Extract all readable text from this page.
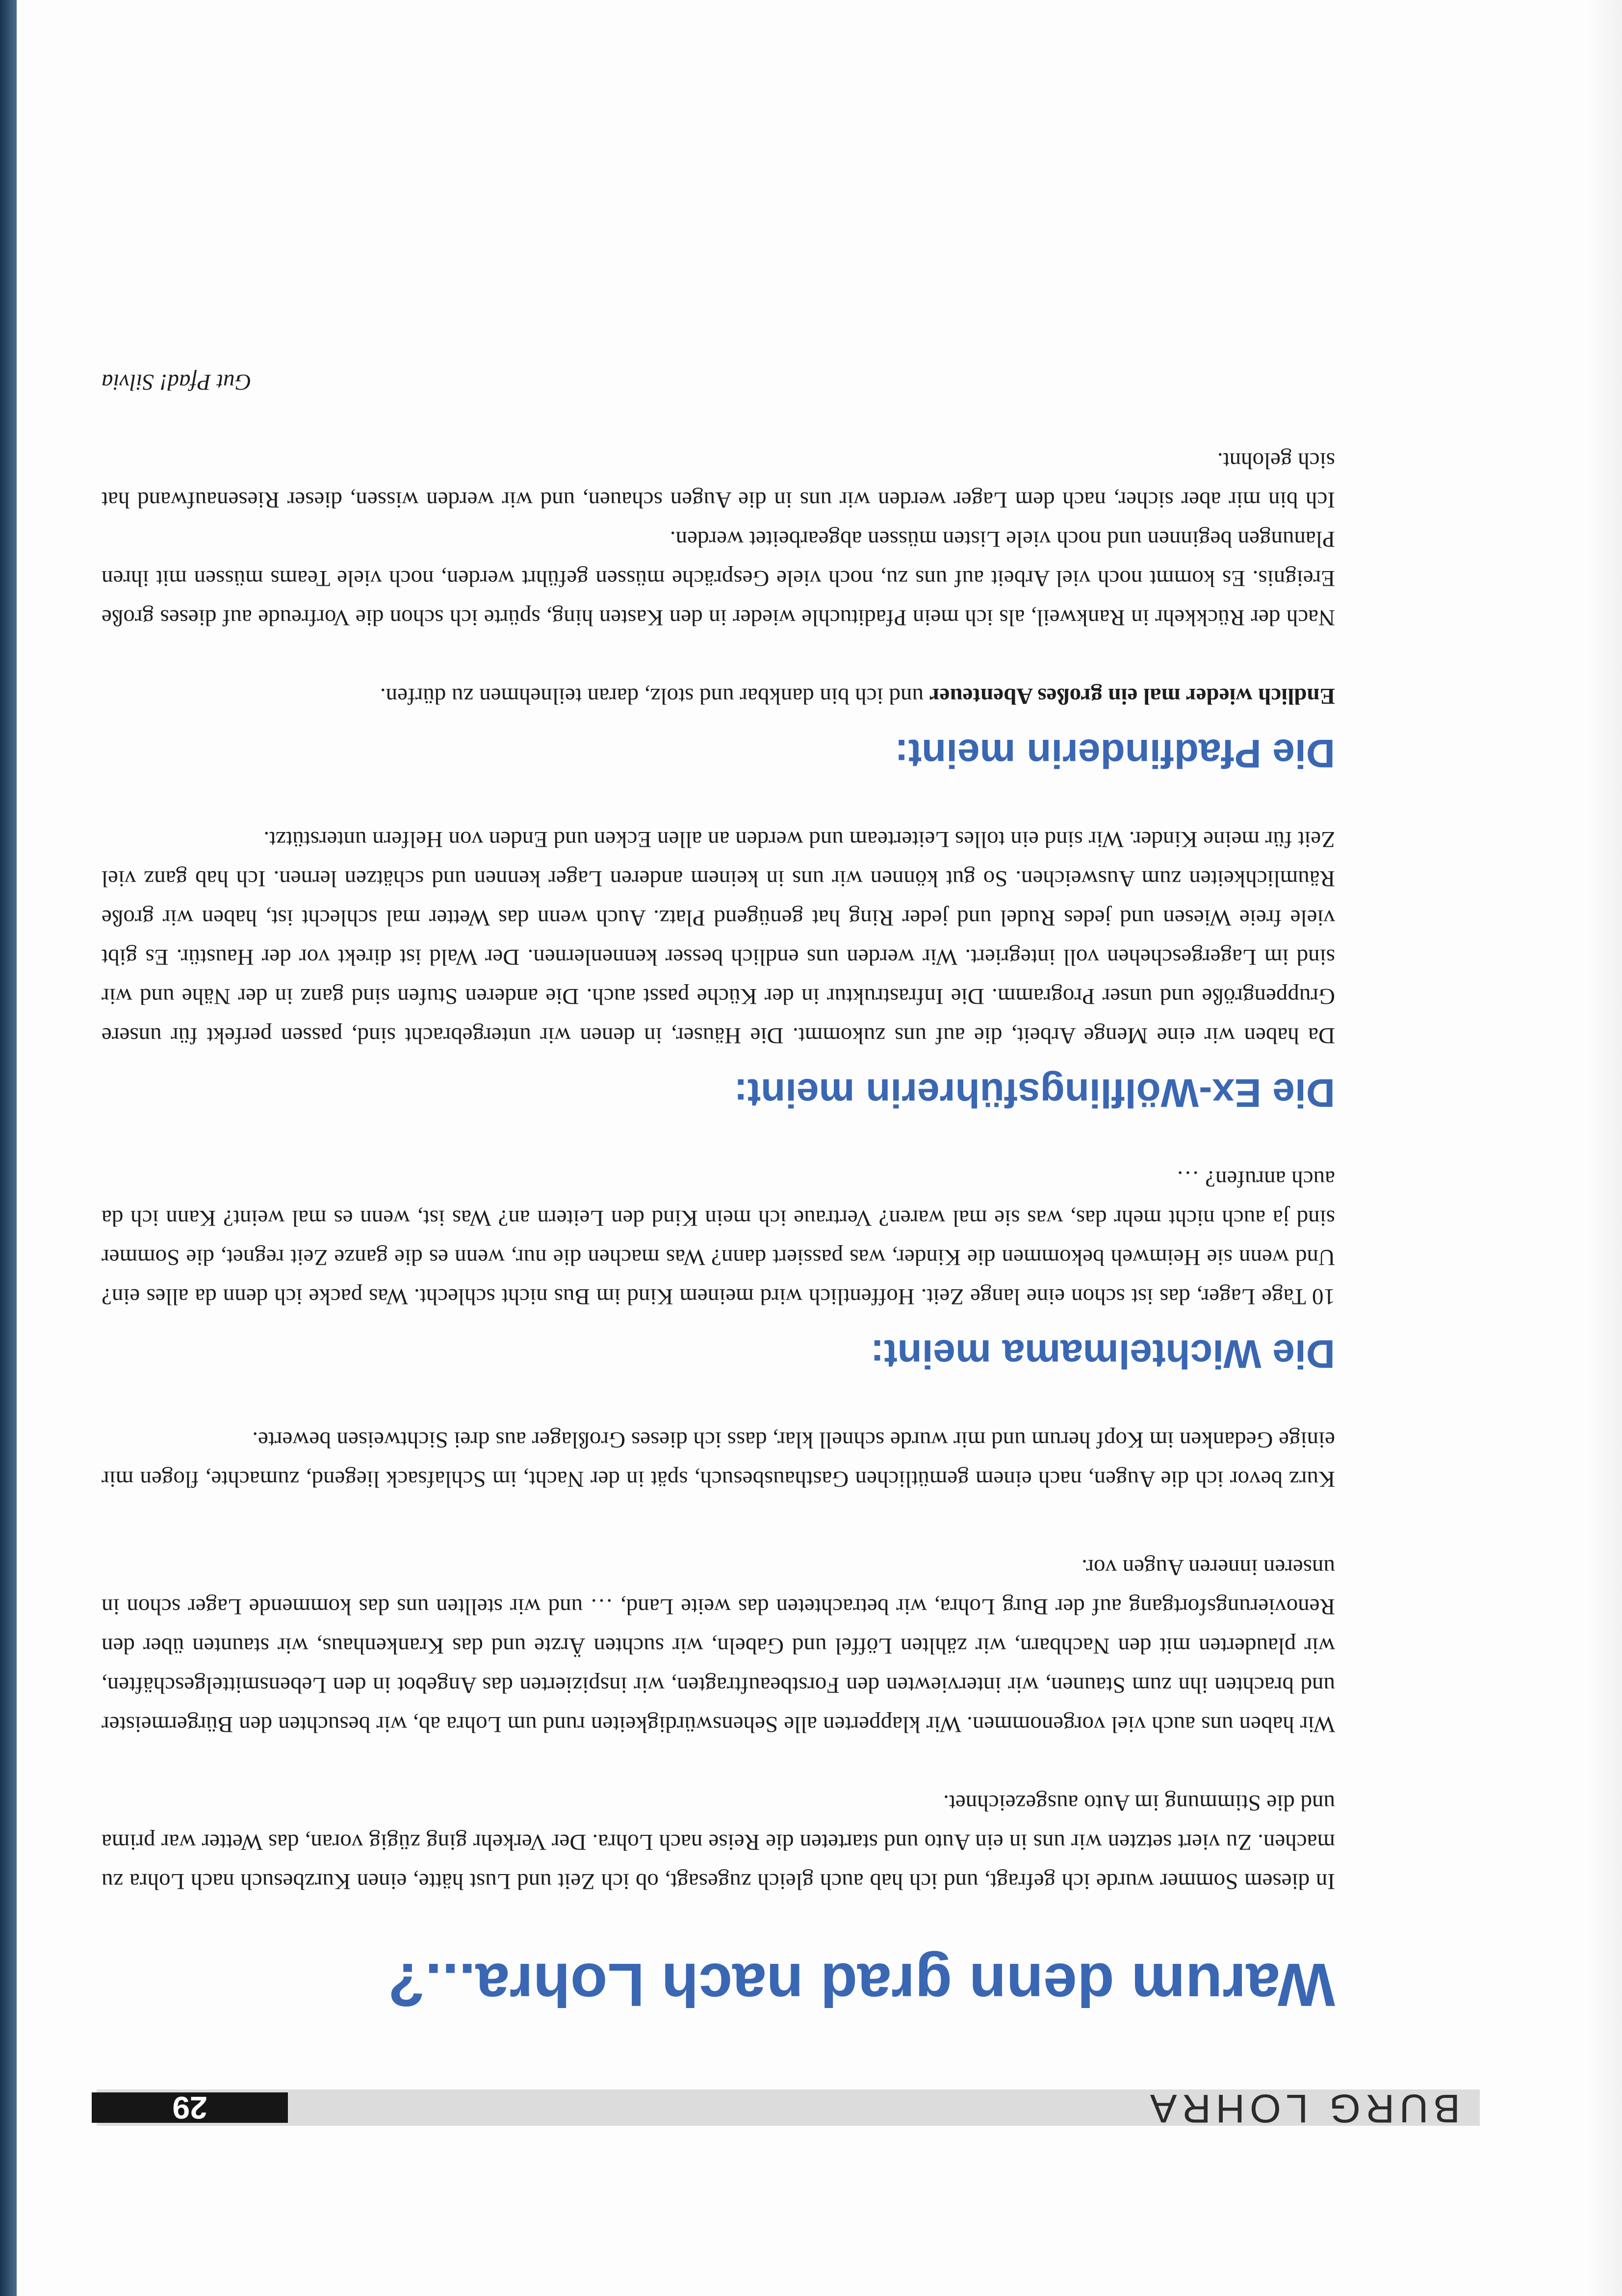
BURG LOHRA
29
Warum denn grad nach Lohra...?

In diesem Sommer wurde ich gefragt, und ich hab auch gleich zugesagt, ob ich Zeit und Lust hätte, einen Kurzbesuch nach Lohra zu machen. Zu viert setzten wir uns in ein Auto und starteten die Reise nach Lohra. Der Verkehr ging zügig voran, das Wetter war prima und die Stimmung im Auto ausgezeichnet.

Wir haben uns auch viel vorgenommen. Wir klapperten alle Sehenswürdigkeiten rund um Lohra ab, wir besuchten den Bürgermeister und brachten ihn zum Staunen, wir interviewten den Forstbeauftragten, wir inspizierten das Angebot in den Lebensmittelgeschäften, wir plauderten mit den Nachbarn, wir zählten Löffel und Gabeln, wir suchten Ärzte und das Krankenhaus, wir staunten über den Renovierungsfortgang auf der Burg Lohra, wir betrachteten das weite Land, … und wir stellten uns das kommende Lager schon in unseren inneren Augen vor.

Kurz bevor ich die Augen, nach einem gemütlichen Gasthausbesuch, spät in der Nacht, im Schlafsack liegend, zumachte, flogen mir einige Gedanken im Kopf herum und mir wurde schnell klar, dass ich dieses Großlager aus drei Sichtweisen bewerte.

Die Wichtelmama meint:

10 Tage Lager, das ist schon eine lange Zeit. Hoffentlich wird meinem Kind im Bus nicht schlecht. Was packe ich denn da alles ein? Und wenn sie Heimweh bekommen die Kinder, was passiert dann? Was machen die nur, wenn es die ganze Zeit regnet, die Sommer sind ja auch nicht mehr das, was sie mal waren? Vertraue ich mein Kind den Leitern an? Was ist, wenn es mal weint? Kann ich da auch anrufen? …

Die Ex-Wölflingsführerin meint:

Da haben wir eine Menge Arbeit, die auf uns zukommt. Die Häuser, in denen wir untergebracht sind, passen perfekt für unsere Gruppengröße und unser Programm. Die Infrastruktur in der Küche passt auch. Die anderen Stufen sind ganz in der Nähe und wir sind im Lagergeschehen voll integriert. Wir werden uns endlich besser kennenlernen. Der Wald ist direkt vor der Haustür. Es gibt viele freie Wiesen und jedes Rudel und jeder Ring hat genügend Platz. Auch wenn das Wetter mal schlecht ist, haben wir große Räumlichkeiten zum Ausweichen. So gut können wir uns in keinem anderen Lager kennen und schätzen lernen. Ich hab ganz viel Zeit für meine Kinder. Wir sind ein tolles Leiterteam und werden an allen Ecken und Enden von Helfern unterstützt.

Die Pfadfinderin meint:

Endlich wieder mal ein großes Abenteuer und ich bin dankbar und stolz, daran teilnehmen zu dürfen.

Nach der Rückkehr in Rankweil, als ich mein Pfadituchle wieder in den Kasten hing, spürte ich schon die Vorfreude auf dieses große Ereignis. Es kommt noch viel Arbeit auf uns zu, noch viele Gespräche müssen geführt werden, noch viele Teams müssen mit ihren Planungen beginnen und noch viele Listen müssen abgearbeitet werden.

Ich bin mir aber sicher, nach dem Lager werden wir uns in die Augen schauen, und wir werden wissen, dieser Riesenaufwand hat sich gelohnt.

Gut Pfad! Silvia
